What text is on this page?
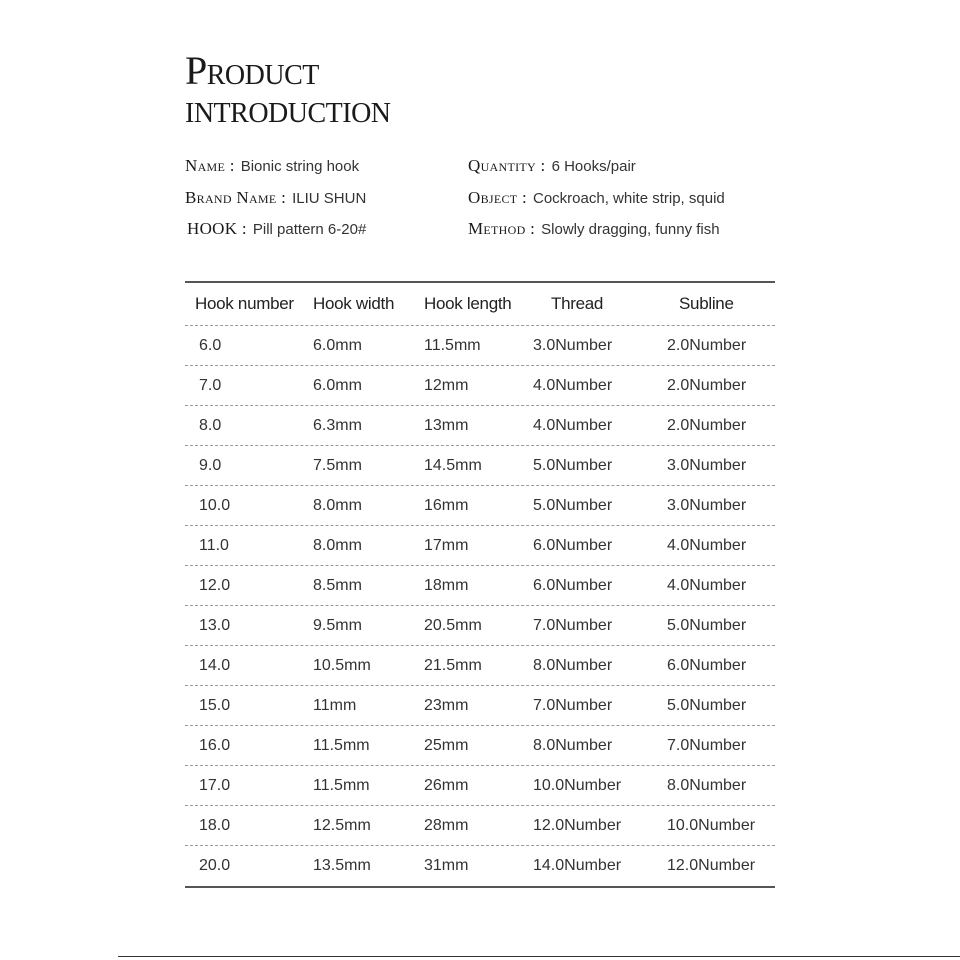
Product
introduction
Name : Bionic string hook
Brand Name : ILIU SHUN
HOOK : Pill pattern 6-20#
Quantity : 6 Hooks/pair
Object : Cockroach, white strip, squid
Method : Slowly dragging, funny fish
Hook number	Hook width	Hook length	Thread	Subline
6.0	6.0mm	11.5mm	3.0Number	2.0Number
7.0	6.0mm	12mm	4.0Number	2.0Number
8.0	6.3mm	13mm	4.0Number	2.0Number
9.0	7.5mm	14.5mm	5.0Number	3.0Number
10.0	8.0mm	16mm	5.0Number	3.0Number
11.0	8.0mm	17mm	6.0Number	4.0Number
12.0	8.5mm	18mm	6.0Number	4.0Number
13.0	9.5mm	20.5mm	7.0Number	5.0Number
14.0	10.5mm	21.5mm	8.0Number	6.0Number
15.0	11mm	23mm	7.0Number	5.0Number
16.0	11.5mm	25mm	8.0Number	7.0Number
17.0	11.5mm	26mm	10.0Number	8.0Number
18.0	12.5mm	28mm	12.0Number	10.0Number
20.0	13.5mm	31mm	14.0Number	12.0Number
